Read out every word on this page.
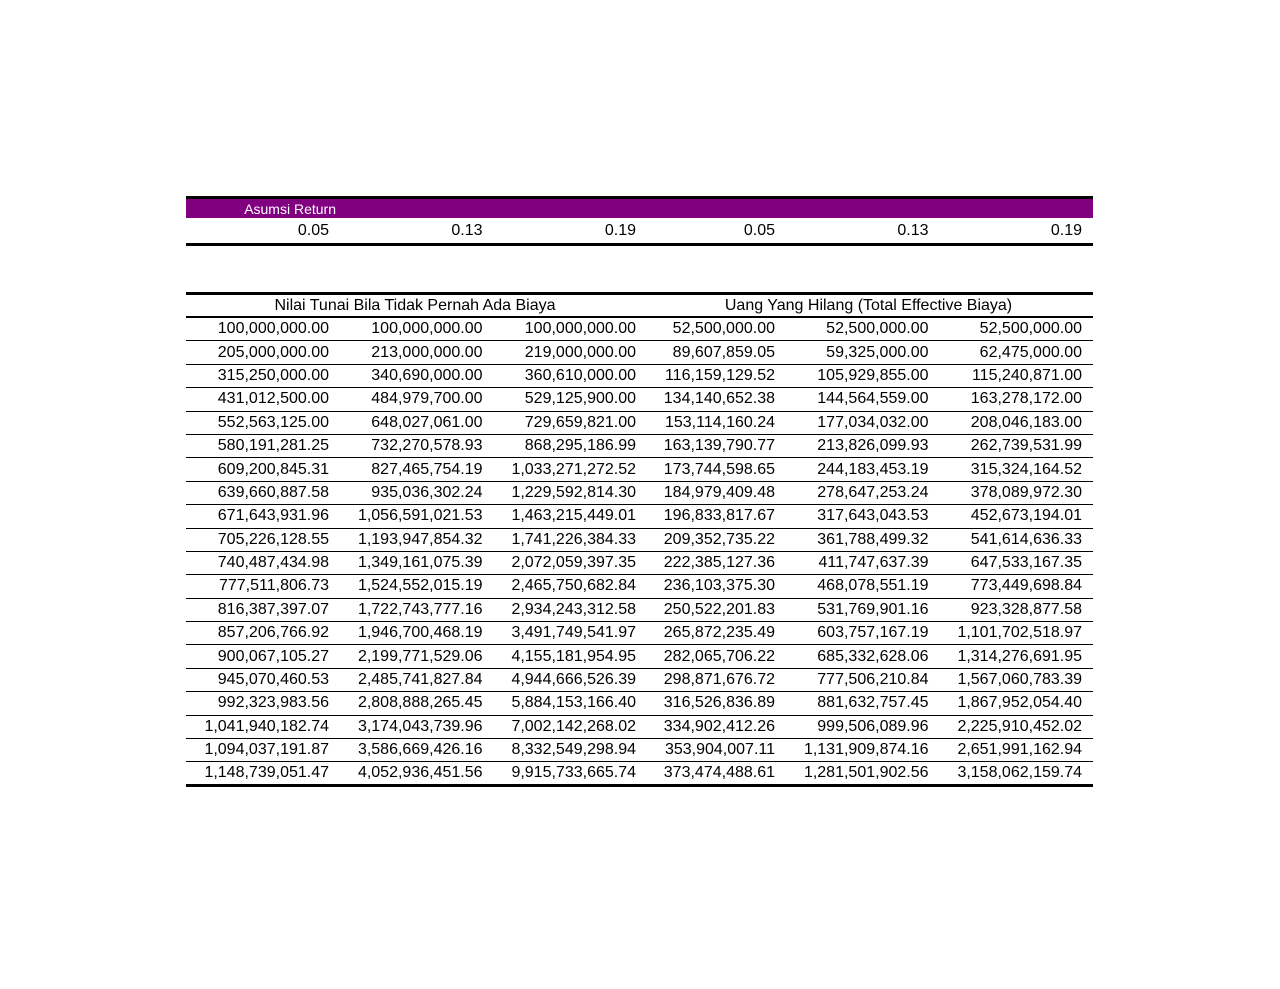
Asumsi Return
0.05	0.13	0.19	0.05	0.13	0.19
Nilai Tunai Bila Tidak Pernah Ada Biaya	Uang Yang Hilang (Total Effective Biaya)
100,000,000.00	100,000,000.00	100,000,000.00	52,500,000.00	52,500,000.00	52,500,000.00
205,000,000.00	213,000,000.00	219,000,000.00	89,607,859.05	59,325,000.00	62,475,000.00
315,250,000.00	340,690,000.00	360,610,000.00	116,159,129.52	105,929,855.00	115,240,871.00
431,012,500.00	484,979,700.00	529,125,900.00	134,140,652.38	144,564,559.00	163,278,172.00
552,563,125.00	648,027,061.00	729,659,821.00	153,114,160.24	177,034,032.00	208,046,183.00
580,191,281.25	732,270,578.93	868,295,186.99	163,139,790.77	213,826,099.93	262,739,531.99
609,200,845.31	827,465,754.19	1,033,271,272.52	173,744,598.65	244,183,453.19	315,324,164.52
639,660,887.58	935,036,302.24	1,229,592,814.30	184,979,409.48	278,647,253.24	378,089,972.30
671,643,931.96	1,056,591,021.53	1,463,215,449.01	196,833,817.67	317,643,043.53	452,673,194.01
705,226,128.55	1,193,947,854.32	1,741,226,384.33	209,352,735.22	361,788,499.32	541,614,636.33
740,487,434.98	1,349,161,075.39	2,072,059,397.35	222,385,127.36	411,747,637.39	647,533,167.35
777,511,806.73	1,524,552,015.19	2,465,750,682.84	236,103,375.30	468,078,551.19	773,449,698.84
816,387,397.07	1,722,743,777.16	2,934,243,312.58	250,522,201.83	531,769,901.16	923,328,877.58
857,206,766.92	1,946,700,468.19	3,491,749,541.97	265,872,235.49	603,757,167.19	1,101,702,518.97
900,067,105.27	2,199,771,529.06	4,155,181,954.95	282,065,706.22	685,332,628.06	1,314,276,691.95
945,070,460.53	2,485,741,827.84	4,944,666,526.39	298,871,676.72	777,506,210.84	1,567,060,783.39
992,323,983.56	2,808,888,265.45	5,884,153,166.40	316,526,836.89	881,632,757.45	1,867,952,054.40
1,041,940,182.74	3,174,043,739.96	7,002,142,268.02	334,902,412.26	999,506,089.96	2,225,910,452.02
1,094,037,191.87	3,586,669,426.16	8,332,549,298.94	353,904,007.11	1,131,909,874.16	2,651,991,162.94
1,148,739,051.47	4,052,936,451.56	9,915,733,665.74	373,474,488.61	1,281,501,902.56	3,158,062,159.74
